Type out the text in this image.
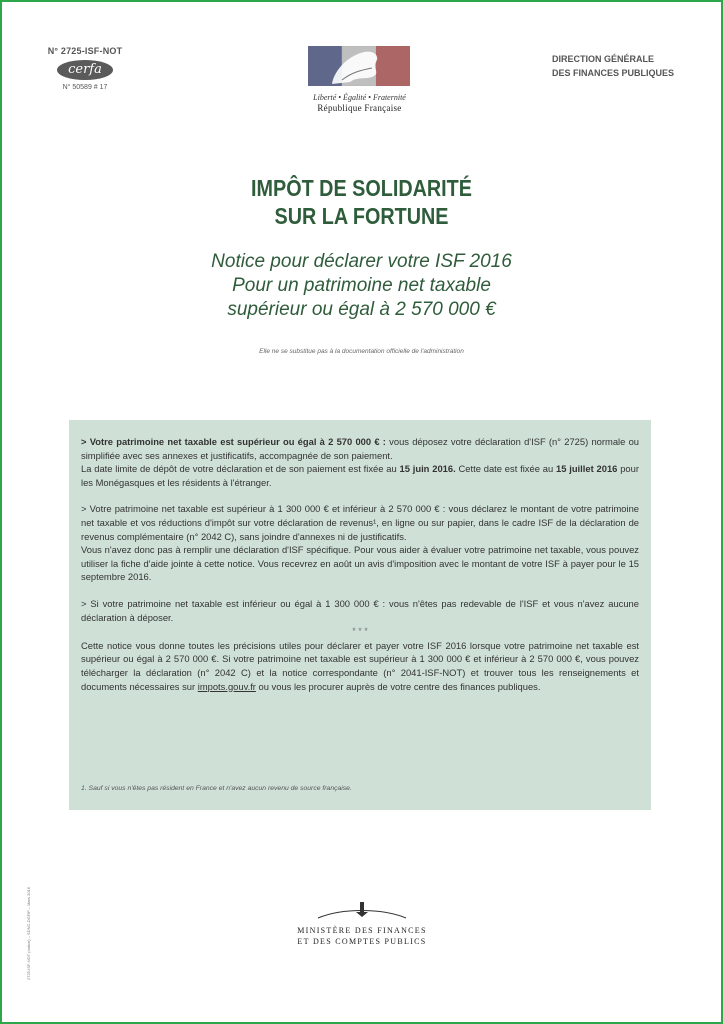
N° 2725-ISF-NOT
cerfa
N° 50589 # 17
Liberté • Égalité • Fraternité
République Française
DIRECTION GÉNÉRALE
DES FINANCES PUBLIQUES
IMPÔT DE SOLIDARITÉ
SUR LA FORTUNE
Notice pour déclarer votre ISF 2016
Pour un patrimoine net taxable
supérieur ou égal à 2 570 000 €
Elle ne se substitue pas à la documentation officielle de l'administration

> Votre patrimoine net taxable est supérieur ou égal à 2 570 000 € : vous déposez votre déclaration d'ISF (n° 2725) normale ou simplifiée avec ses annexes et justificatifs, accompagnée de son paiement.

La date limite de dépôt de votre déclaration et de son paiement est fixée au 15 juin 2016. Cette date est fixée au 15 juillet 2016 pour les Monégasques et les résidents à l'étranger.

> Votre patrimoine net taxable est supérieur à 1 300 000 € et inférieur à 2 570 000 € : vous déclarez le montant de votre patrimoine net taxable et vos réductions d'impôt sur votre déclaration de revenus¹, en ligne ou sur papier, dans le cadre ISF de la déclaration de revenus complémentaire (n° 2042 C), sans joindre d'annexes ni de justificatifs.

Vous n'avez donc pas à remplir une déclaration d'ISF spécifique. Pour vous aider à évaluer votre patrimoine net taxable, vous pouvez utiliser la fiche d'aide jointe à cette notice. Vous recevrez en août un avis d'imposition avec le montant de votre ISF à payer pour le 15 septembre 2016.

> Si votre patrimoine net taxable est inférieur ou égal à 1 300 000 € : vous n'êtes pas redevable de l'ISF et vous n'avez aucune déclaration à déposer.

* * *

Cette notice vous donne toutes les précisions utiles pour déclarer et payer votre ISF 2016 lorsque votre patrimoine net taxable est supérieur ou égal à 2 570 000 €. Si votre patrimoine net taxable est supérieur à 1 300 000 € et inférieur à 2 570 000 €, vous pouvez télécharger la déclaration (n° 2042 C) et la notice correspondante (n° 2041-ISF-NOT) et trouver tous les renseignements et documents nécessaires sur impots.gouv.fr ou vous les procurer auprès de votre centre des finances publiques.

1. Sauf si vous n'êtes pas résident en France et n'avez aucun revenu de source française.
2725-ISF-NOT (notice) – SDNC-DGFiP – Mars 2016	MINISTÈRE DES FINANCES
ET DES COMPTES PUBLICS
